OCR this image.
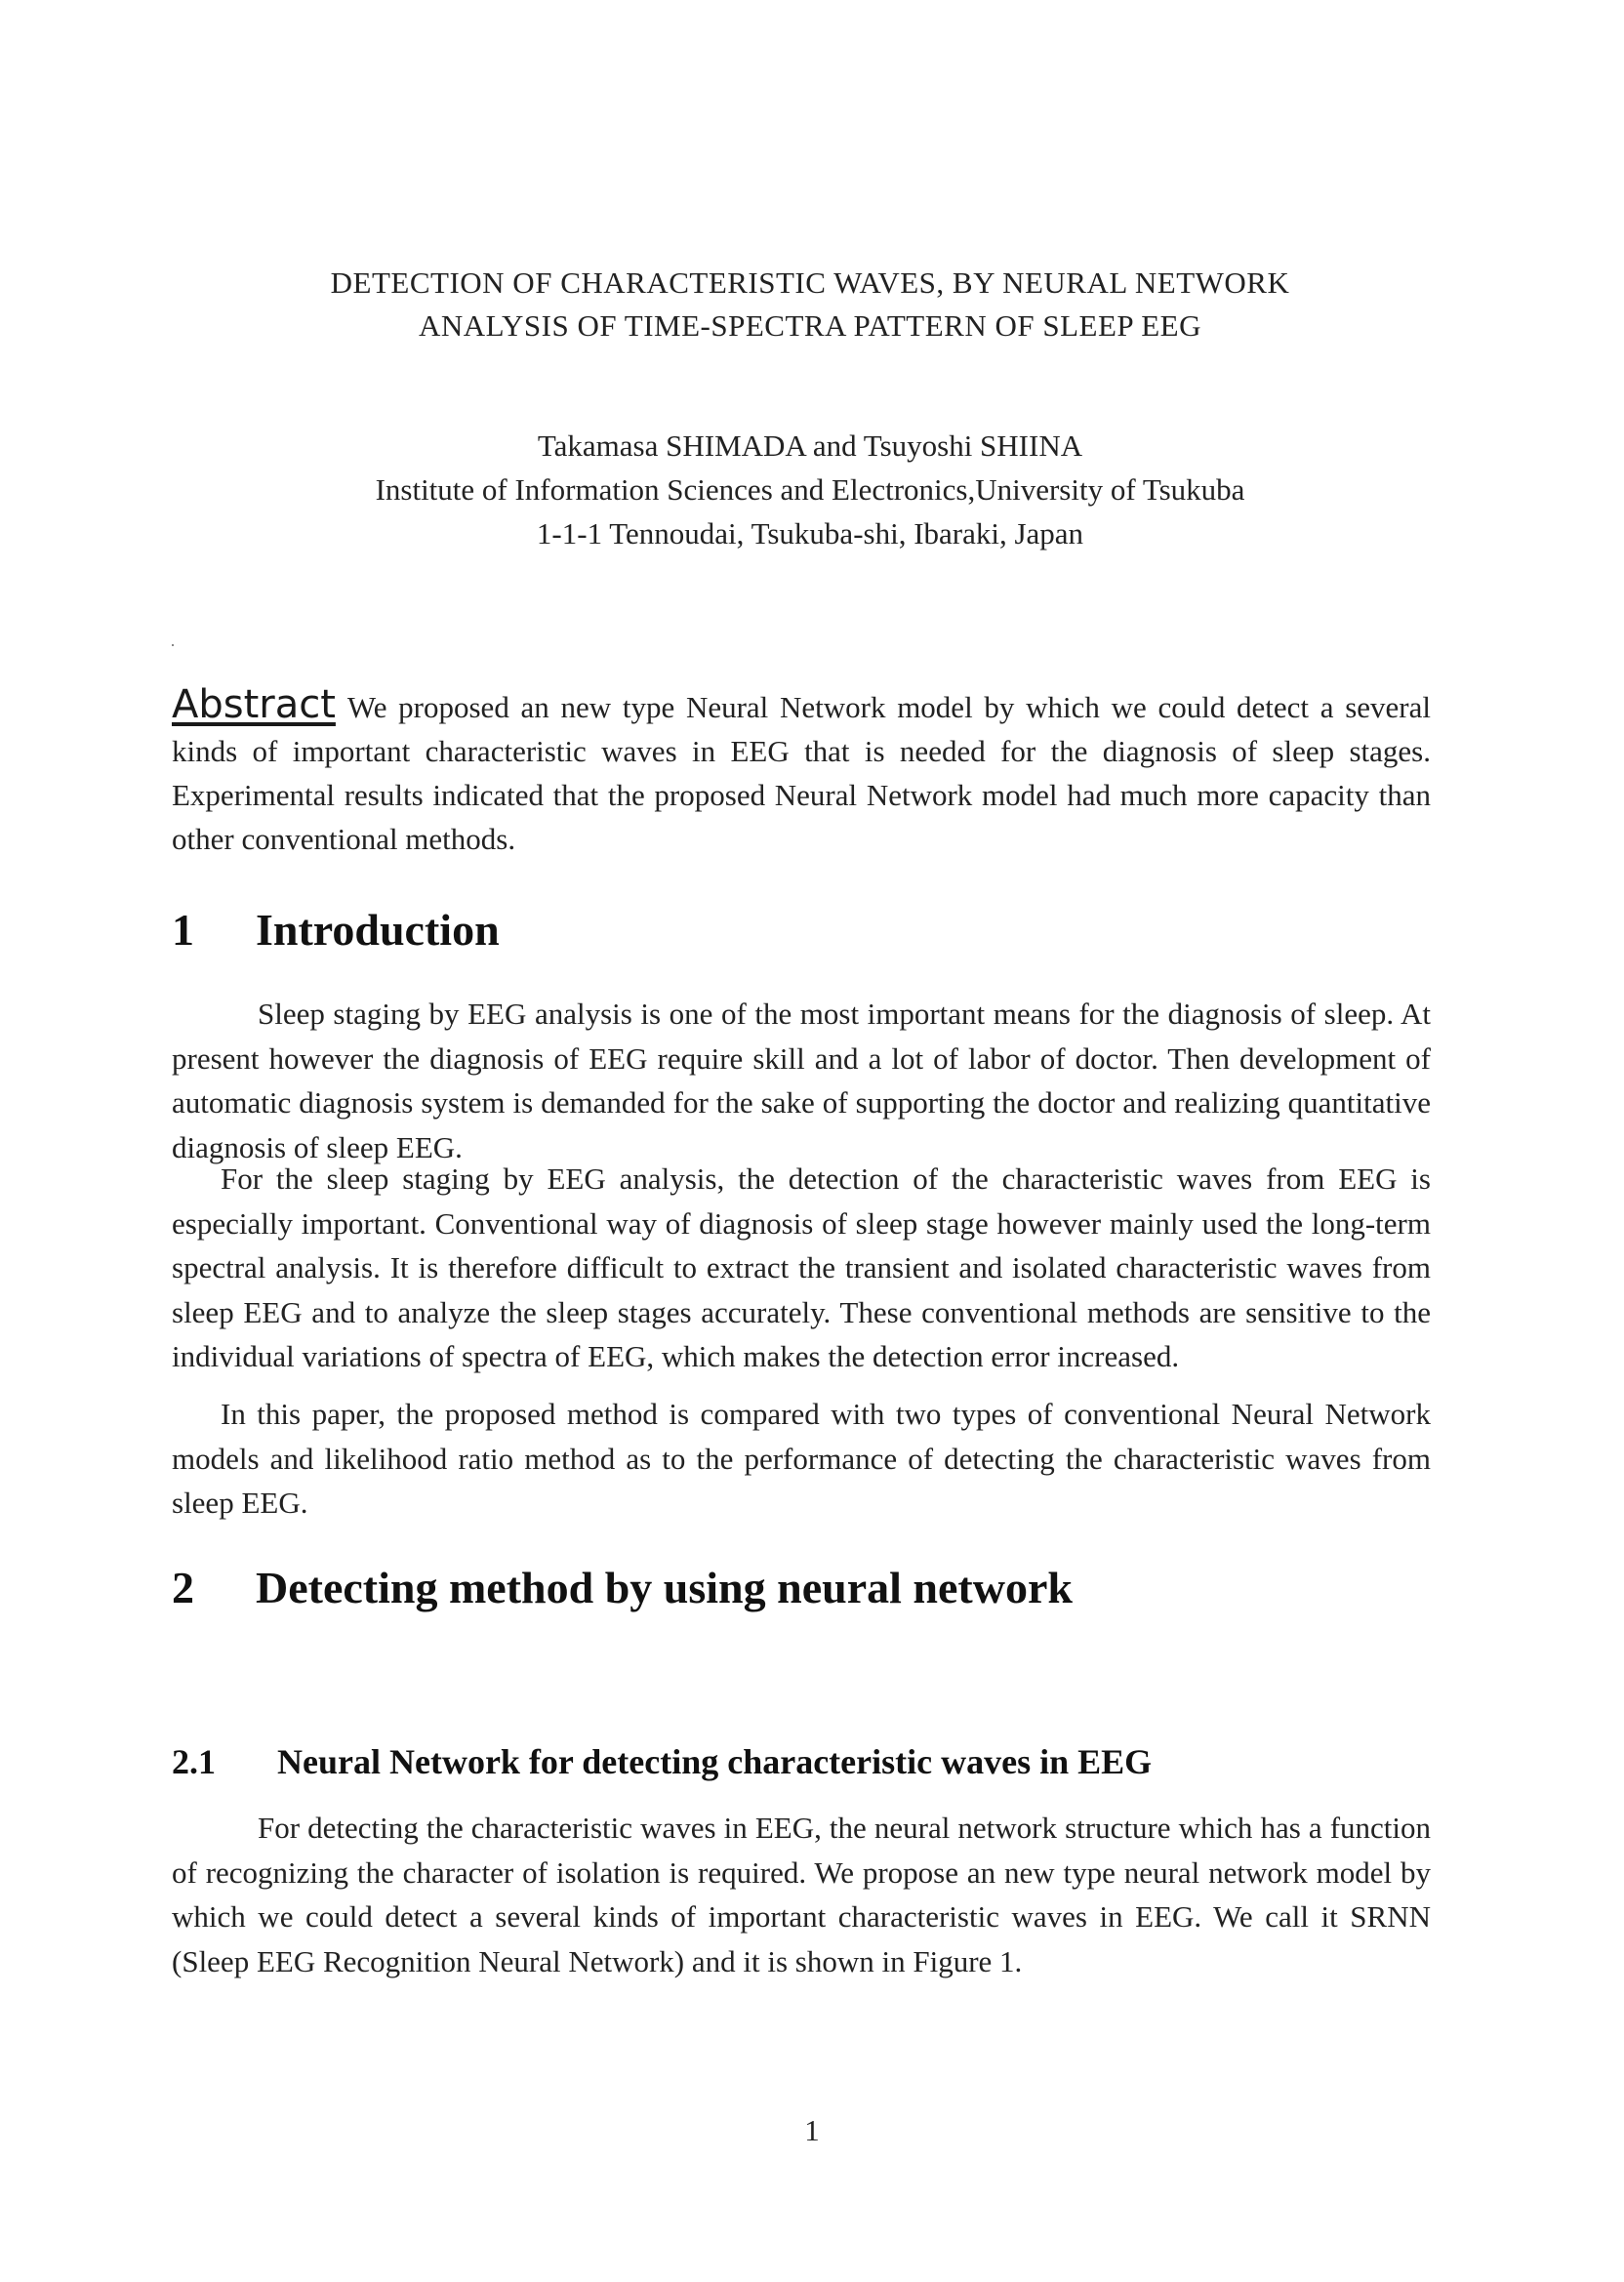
DETECTION OF CHARACTERISTIC WAVES, BY NEURAL NETWORK
ANALYSIS OF TIME-SPECTRA PATTERN OF SLEEP EEG
Takamasa SHIMADA and Tsuyoshi SHIINA
Institute of Information Sciences and Electronics,University of Tsukuba
1-1-1 Tennoudai, Tsukuba-shi, Ibaraki, Japan
Abstract We proposed an new type Neural Network model by which we could detect a several kinds of important characteristic waves in EEG that is needed for the diagnosis of sleep stages. Experimental results indicated that the proposed Neural Network model had much more capacity than other conventional methods.
1 Introduction

Sleep staging by EEG analysis is one of the most important means for the diagnosis of sleep. At present however the diagnosis of EEG require skill and a lot of labor of doctor. Then development of automatic diagnosis system is demanded for the sake of supporting the doctor and realizing quantitative diagnosis of sleep EEG.

For the sleep staging by EEG analysis, the detection of the characteristic waves from EEG is especially important. Conventional way of diagnosis of sleep stage however mainly used the long-term spectral analysis. It is therefore difficult to extract the transient and isolated characteristic waves from sleep EEG and to analyze the sleep stages accurately. These conventional methods are sensitive to the individual variations of spectra of EEG, which makes the detection error increased.

In this paper, the proposed method is compared with two types of conventional Neural Network models and likelihood ratio method as to the performance of detecting the characteristic waves from sleep EEG.

2 Detecting method by using neural network
2.1 Neural Network for detecting characteristic waves in EEG

For detecting the characteristic waves in EEG, the neural network structure which has a function of recognizing the character of isolation is required. We propose an new type neural network model by which we could detect a several kinds of important characteristic waves in EEG. We call it SRNN (Sleep EEG Recognition Neural Network) and it is shown in Figure 1.

1
